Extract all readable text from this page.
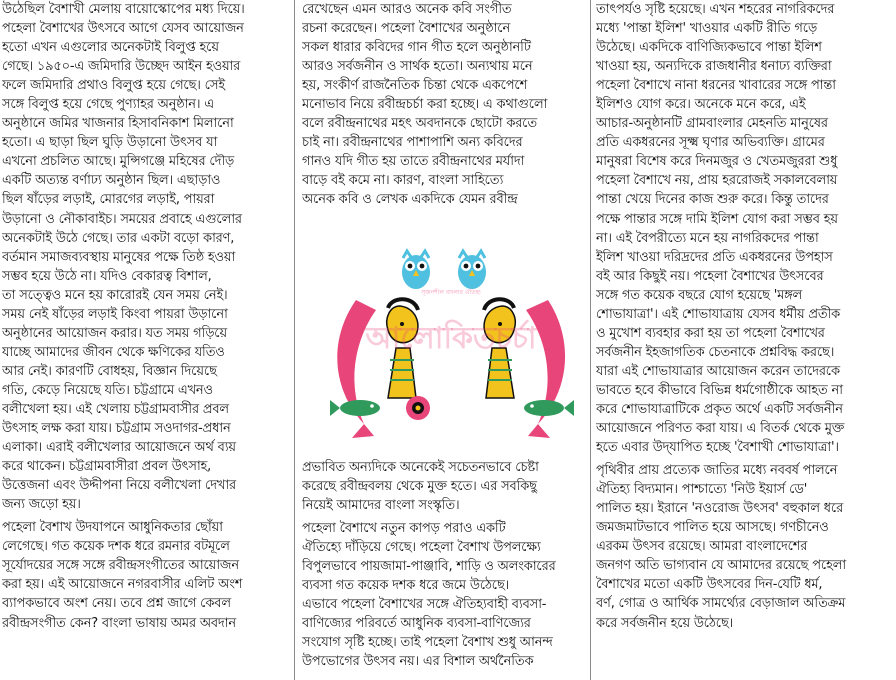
উঠেছিল বৈশাখী মেলায় বায়োস্কোপের মধ্য দিয়ে।
পহেলা বৈশাখের উৎসবে আগে যেসব আয়োজন
হতো এখন এগুলোর অনেকটাই বিলুপ্ত হয়ে
গেছে। ১৯৫০-এ জমিদারি উচ্ছেদ আইন হওয়ার
ফলে জমিদারি প্রথাও বিলুপ্ত হয়ে গেছে। সেই
সঙ্গে বিলুপ্ত হয়ে গেছে পুণ্যাহর অনুষ্ঠান। এ
অনুষ্ঠানে জমির খাজনার হিসাবনিকাশ মিলানো
হতো। এ ছাড়া ছিল ঘুড়ি উড়ানো উৎসব যা
এখনো প্রচলিত আছে। মুন্সিগঞ্জে মহিষের দৌড়
একটি অত্যন্ত বর্ণাঢ্য অনুষ্ঠান ছিল। এছাড়াও
ছিল ষাঁড়ের লড়াই, মোরগের লড়াই, পায়রা
উড়ানো ও নৌকাবাইচ। সময়ের প্রবাহে এগুলোর
অনেকটাই উঠে গেছে। তার একটা বড়ো কারণ,
বর্তমান সমাজব্যবস্থায় মানুষের পক্ষে তিষ্ঠ হওয়া
সম্ভব হয়ে উঠে না। যদিও বেকারত্ব বিশাল,
তা সত্ত্বেও মনে হয় কারোরই যেন সময় নেই।
সময় নেই ষাঁড়ের লড়াই কিংবা পায়রা উড়ানো
অনুষ্ঠানের আয়োজন করার। যত সময় গড়িয়ে
যাচ্ছে আমাদের জীবন থেকে ক্ষণিকের যতিও
আর নেই। কারণটি বোধহয়, বিজ্ঞান দিয়েছে
গতি, কেড়ে নিয়েছে যতি। চট্টগ্রামে এখনও
বলীখেলা হয়। এই খেলায় চট্টগ্রামবাসীর প্রবল
উৎসাহ লক্ষ করা যায়। চট্টগ্রাম সওদাগর-প্রধান
এলাকা। এরাই বলীখেলার আয়োজনে অর্থ ব্যয়
করে থাকেন। চট্টগ্রামবাসীরা প্রবল উৎসাহ,
উত্তেজনা এবং উদ্দীপনা নিয়ে বলীখেলা দেখার
জন্য জড়ো হয়।
পহেলা বৈশাখ উদযাপনে আধুনিকতার ছোঁয়া
লেগেছে। গত কয়েক দশক ধরে রমনার বটমূলে
সূর্যোদয়ের সঙ্গে সঙ্গে রবীন্দ্রসংগীতের আয়োজন
করা হয়। এই আয়োজনে নগরবাসীর এলিট অংশ
ব্যাপকভাবে অংশ নেয়। তবে প্রশ্ন জাগে কেবল
রবীন্দ্রসংগীত কেন? বাংলা ভাষায় অমর অবদান
রেখেছেন এমন আরও অনেক কবি সংগীত
রচনা করেছেন। পহেলা বৈশাখের অনুষ্ঠানে
সকল ধারার কবিদের গান গীত হলে অনুষ্ঠানটি
আরও সর্বজনীন ও সার্থক হতো। অন্যথায় মনে
হয়, সংকীর্ণ রাজনৈতিক চিন্তা থেকে একপেশে
মনোভাব নিয়ে রবীন্দ্রচর্চা করা হচ্ছে। এ কথাগুলো
বলে রবীন্দ্রনাথের মহৎ অবদানকে ছোটো করতে
চাই না। রবীন্দ্রনাথের পাশাপাশি অন্য কবিদের
গানও যদি গীত হয় তাতে রবীন্দ্রনাথের মর্যাদা
বাড়ে বই কমে না। কারণ, বাংলা সাহিত্যে
অনেক কবি ও লেখক একদিকে যেমন রবীন্দ্র
সৃজনশীল বাংলার ঐতিহ্য
আলোকিতচর্চা
প্রভাবিত অন্যদিকে অনেকেই সচেতনভাবে চেষ্টা
করেছে রবীন্দ্রবলয় থেকে মুক্ত হতে। এর সবকিছু
নিয়েই আমাদের বাংলা সংস্কৃতি।
পহেলা বৈশাখে নতুন কাপড় পরাও একটি
ঐতিহ্যে দাঁড়িয়ে গেছে। পহেলা বৈশাখ উপলক্ষ্যে
বিপুলভাবে পায়জামা-পাঞ্জাবি, শাড়ি ও অলংকারের
ব্যবসা গত কয়েক দশক ধরে জমে উঠেছে।
এভাবে পহেলা বৈশাখের সঙ্গে ঐতিহ্যবাহী ব্যবসা-
বাণিজ্যের পরিবর্তে আধুনিক ব্যবসা-বাণিজ্যের
সংযোগ সৃষ্টি হচ্ছে। তাই পহেলা বৈশাখ শুধু আনন্দ
উপভোগের উৎসব নয়। এর বিশাল অর্থনৈতিক
তাৎপর্যও সৃষ্টি হয়েছে। এখন শহরের নাগরিকদের
মধ্যে 'পান্তা ইলিশ' খাওয়ার একটি রীতি গড়ে
উঠেছে। একদিকে বাণিজ্যিকভাবে পান্তা ইলিশ
খাওয়া হয়, অন্যদিকে রাজধানীর ধনাঢ্য ব্যক্তিরা
পহেলা বৈশাখে নানা ধরনের খাবারের সঙ্গে পান্তা
ইলিশও যোগ করে। অনেকে মনে করে, এই
আচার-অনুষ্ঠানটি গ্রামবাংলার মেহনতি মানুষের
প্রতি একধরনের সূক্ষ্ম ঘৃণার অভিব্যক্তি। গ্রামের
মানুষরা বিশেষ করে দিনমজুর ও খেতমজুররা শুধু
পহেলা বৈশাখে নয়, প্রায় হররোজই সকালবেলায়
পান্তা খেয়ে দিনের কাজ শুরু করে। কিন্তু তাদের
পক্ষে পান্তার সঙ্গে দামি ইলিশ যোগ করা সম্ভব হয়
না। এই বৈপরীত্যে মনে হয় নাগরিকদের পান্তা
ইলিশ খাওয়া দরিদ্রদের প্রতি একধরনের উপহাস
বই আর কিছুই নয়। পহেলা বৈশাখের উৎসবের
সঙ্গে গত কয়েক বছরে যোগ হয়েছে 'মঙ্গল
শোভাযাত্রা'। এই শোভাযাত্রায় যেসব ধর্মীয় প্রতীক
ও মুখোশ ব্যবহার করা হয় তা পহেলা বৈশাখের
সর্বজনীন ইহজাগতিক চেতনাকে প্রশ্নবিদ্ধ করছে।
যারা এই শোভাযাত্রার আয়োজন করেন তাদেরকে
ভাবতে হবে কীভাবে বিভিন্ন ধর্মগোষ্ঠীকে আহত না
করে শোভাযাত্রাটিকে প্রকৃত অর্থে একটি সর্বজনীন
আয়োজনে পরিণত করা যায়। এ বিতর্ক থেকে মুক্ত
হতে এবার উদ্‌যাপিত হচ্ছে 'বৈশাখী শোভাযাত্রা'।
পৃথিবীর প্রায় প্রত্যেক জাতির মধ্যে নববর্ষ পালনে
ঐতিহ্য বিদ্যমান। পাশ্চাত্যে 'নিউ ইয়ার্স ডে'
পালিত হয়। ইরানে 'নওরোজ উৎসব' বহুকাল ধরে
জমজমাটভাবে পালিত হয়ে আসছে। গণচীনেও
এরকম উৎসব রয়েছে। আমরা বাংলাদেশের
জনগণ অতি ভাগ্যবান যে আমাদের রয়েছে পহেলা
বৈশাখের মতো একটি উৎসবের দিন-যেটি ধর্ম,
বর্ণ, গোত্র ও আর্থিক সামর্থ্যের বেড়াজাল অতিক্রম
করে সর্বজনীন হয়ে উঠেছে।
